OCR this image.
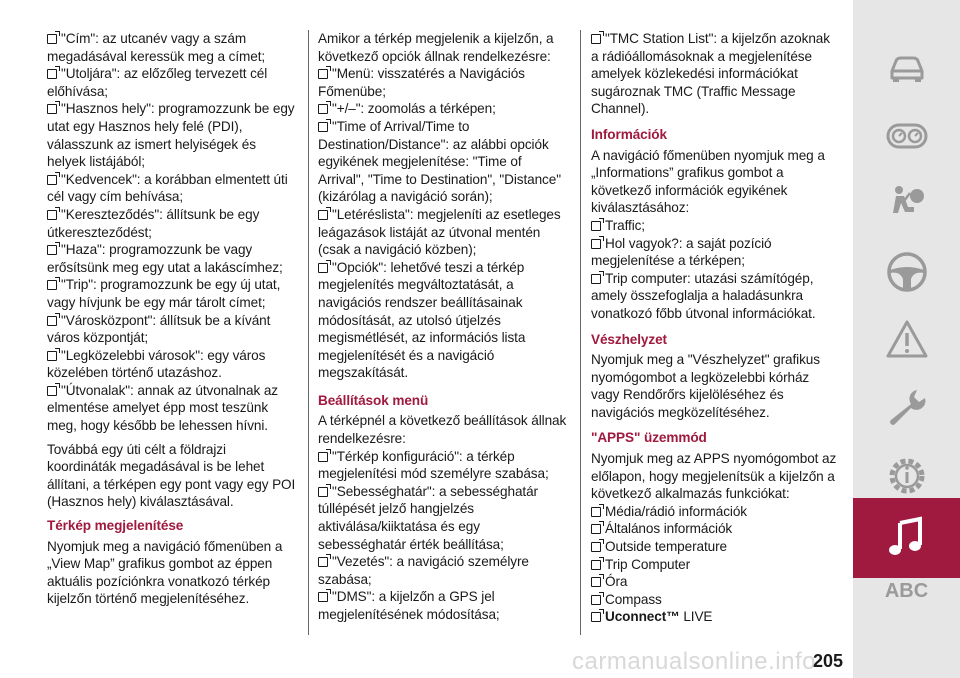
"Cím": az utcanév vagy a szám megadásával keressük meg a címet;
"Utoljára": az előzőleg tervezett cél előhívása;
"Hasznos hely": programozzunk be egy utat egy Hasznos hely felé (PDI), válasszunk az ismert helyiségek és helyek listájából;
"Kedvencek": a korábban elmentett úti cél vagy cím behívása;
"Kereszteződés": állítsunk be egy útkereszteződést;
"Haza": programozzunk be vagy erősítsünk meg egy utat a lakáscímhez;
"Trip": programozzunk be egy új utat, vagy hívjunk be egy már tárolt címet;
"Városközpont": állítsuk be a kívánt város központját;
"Legközelebbi városok": egy város közelében történő utazáshoz.
"Útvonalak": annak az útvonalnak az elmentése amelyet épp most teszünk meg, hogy később be lehessen hívni.

Továbbá egy úti célt a földrajzi koordináták megadásával is be lehet állítani, a térképen egy pont vagy egy POI (Hasznos hely) kiválasztásával.

Térkép megjelenítése

Nyomjuk meg a navigáció főmenüben a „View Map” grafikus gombot az éppen aktuális pozíciónkra vonatkozó térkép kijelzőn történő megjelenítéséhez.

Amikor a térkép megjelenik a kijelzőn, a következő opciók állnak rendelkezésre:
"Menü: visszatérés a Navigációs Főmenübe;
"+/–": zoomolás a térképen;
"Time of Arrival/Time to Destination/Distance": az alábbi opciók egyikének megjelenítése: "Time of Arrival", "Time to Destination", "Distance" (kizárólag a navigáció során);
"Letéréslista": megjeleníti az esetleges leágazások listáját az útvonal mentén (csak a navigáció közben);
"Opciók": lehetővé teszi a térkép megjelenítés megváltoztatását, a navigációs rendszer beállításainak módosítását, az utolsó útjelzés megismétlését, az információs lista megjelenítését és a navigáció megszakítását.
Beállítások menü
A térképnél a következő beállítások állnak rendelkezésre:
"Térkép konfiguráció": a térkép megjelenítési mód személyre szabása;
"Sebességhatár": a sebességhatár túllépését jelző hangjelzés aktiválása/kiiktatása és egy sebességhatár érték beállítása;
"Vezetés": a navigáció személyre szabása;
"DMS": a kijelzőn a GPS jel megjelenítésének módosítása;
"TMC Station List": a kijelzőn azoknak a rádióállomásoknak a megjelenítése amelyek közlekedési információkat sugároznak TMC (Traffic Message Channel).
Információk
A navigáció főmenüben nyomjuk meg a „Informations” grafikus gombot a következő információk egyikének kiválasztásához:
Traffic;
Hol vagyok?: a saját pozíció megjelenítése a térképen;
Trip computer: utazási számítógép, amely összefoglalja a haladásunkra vonatkozó főbb útvonal információkat.
Vészhelyzet
Nyomjuk meg a "Vészhelyzet" grafikus nyomógombot a legközelebbi kórház vagy Rendőrőrs kijelöléséhez és navigációs megközelítéséhez.
"APPS" üzemmód
Nyomjuk meg az APPS nyomógombot az előlapon, hogy megjelenítsük a kijelzőn a következő alkalmazás funkciókat:
Média/rádió információk
Általános információk
Outside temperature
Trip Computer
Óra
Compass
Uconnect™ LIVE
ABC
carmanualsonline.info
205
